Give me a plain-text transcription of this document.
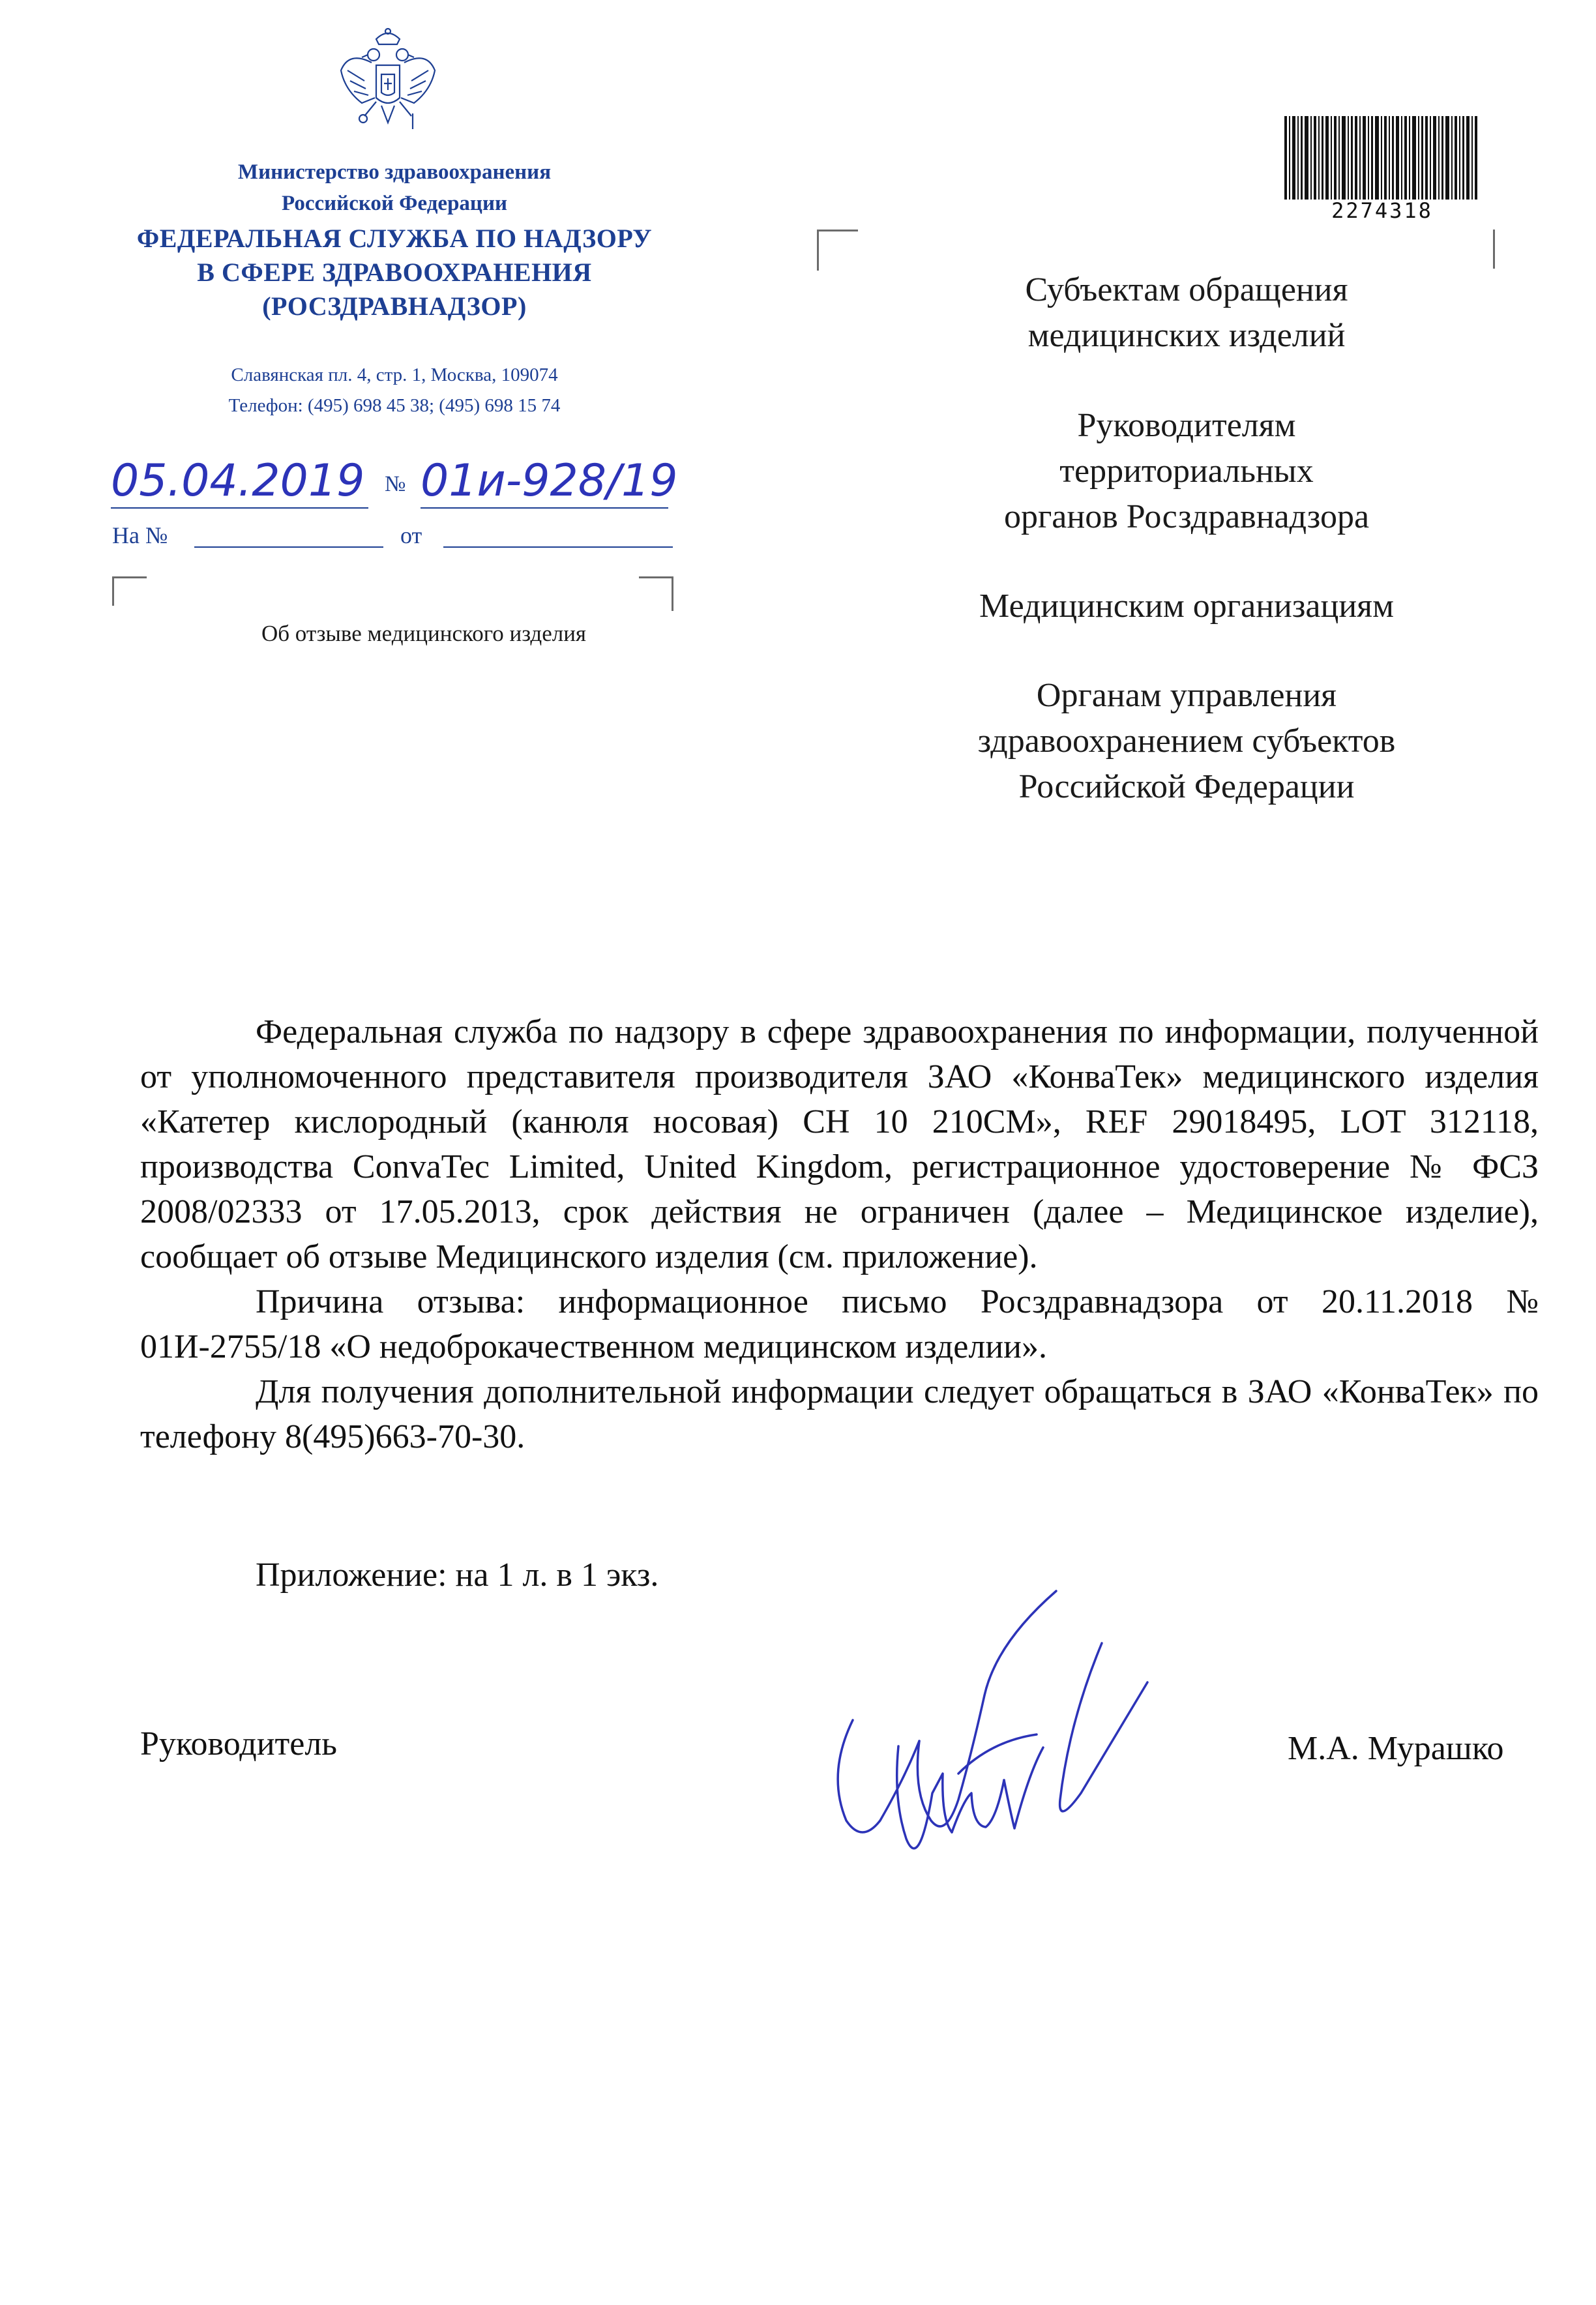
Министерство здравоохранения
Российской Федерации
ФЕДЕРАЛЬНАЯ СЛУЖБА ПО НАДЗОРУ
В СФЕРЕ ЗДРАВООХРАНЕНИЯ
(РОСЗДРАВНАДЗОР)
Славянская пл. 4, стр. 1, Москва, 109074
Телефон: (495) 698 45 38; (495) 698 15 74
05.04.2019 № 01и-928/19
На №	от
Об отзыве медицинского изделия
2274318
Субъектам обращения
медицинских изделий
Руководителям
территориальных
органов Росздравнадзора
Медицинским организациям
Органам управления
здравоохранением субъектов
Российской Федерации

Федеральная служба по надзору в сфере здравоохранения по информации, полученной от уполномоченного представителя производителя ЗАО «КонваТек» медицинского изделия «Катетер кислородный (канюля носовая) CH 10 210CM», REF 29018495, LOT 312118, производства ConvaTec Limited, United Kingdom, регистрационное удостоверение № ФСЗ 2008/02333 от 17.05.2013, срок действия не ограничен (далее – Медицинское изделие), сообщает об отзыве Медицинского изделия (см. приложение).

Причина отзыва: информационное письмо Росздравнадзора от 20.11.2018 № 01И-2755/18 «О недоброкачественном медицинском изделии».

Для получения дополнительной информации следует обращаться в ЗАО «КонваТек» по телефону 8(495)663-70-30.

Приложение: на 1 л. в 1 экз.
Руководитель	М.А. Мурашко
